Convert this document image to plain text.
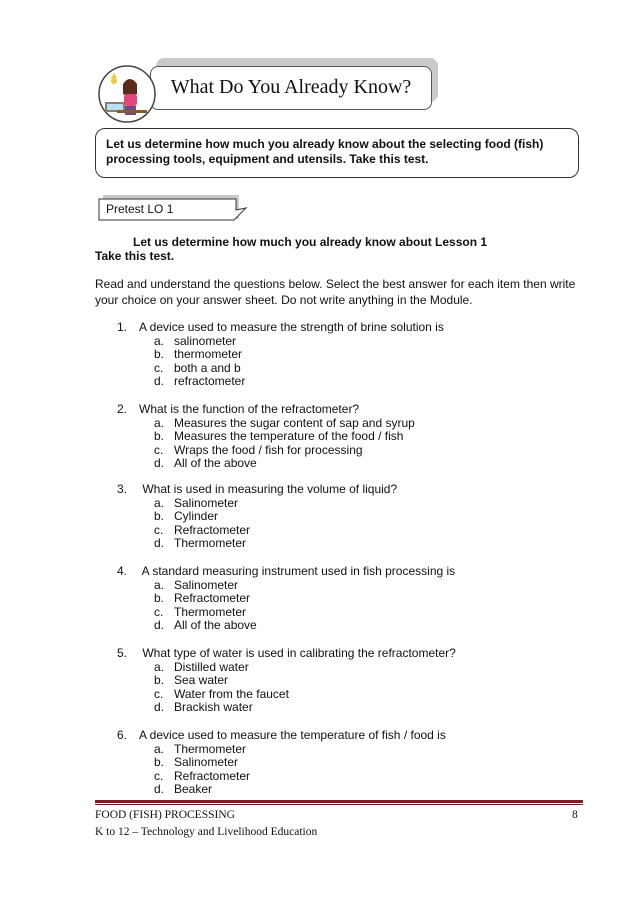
What Do You Already Know?
Let us determine how much you already know about the selecting food (fish)
processing tools, equipment and utensils. Take this test.
Pretest LO 1
Let us determine how much you already know about Lesson 1
Take this test.
Read and understand the questions below. Select the best answer for each item then write
your choice on your answer sheet. Do not write anything in the Module.
1. A device used to measure the strength of brine solution is
a. salinometer
b. thermometer
c. both a and b
d. refractometer
2. What is the function of the refractometer?
a. Measures the sugar content of sap and syrup
b. Measures the temperature of the food / fish
c. Wraps the food / fish for processing
d. All of the above
3. What is used in measuring the volume of liquid?
a. Salinometer
b. Cylinder
c. Refractometer
d. Thermometer
4. A standard measuring instrument used in fish processing is
a. Salinometer
b. Refractometer
c. Thermometer
d. All of the above
5. What type of water is used in calibrating the refractometer?
a. Distilled water
b. Sea water
c. Water from the faucet
d. Brackish water
6. A device used to measure the temperature of fish / food is
a. Thermometer
b. Salinometer
c. Refractometer
d. Beaker
FOOD (FISH) PROCESSING
K to 12 – Technology and Livelihood Education
8
